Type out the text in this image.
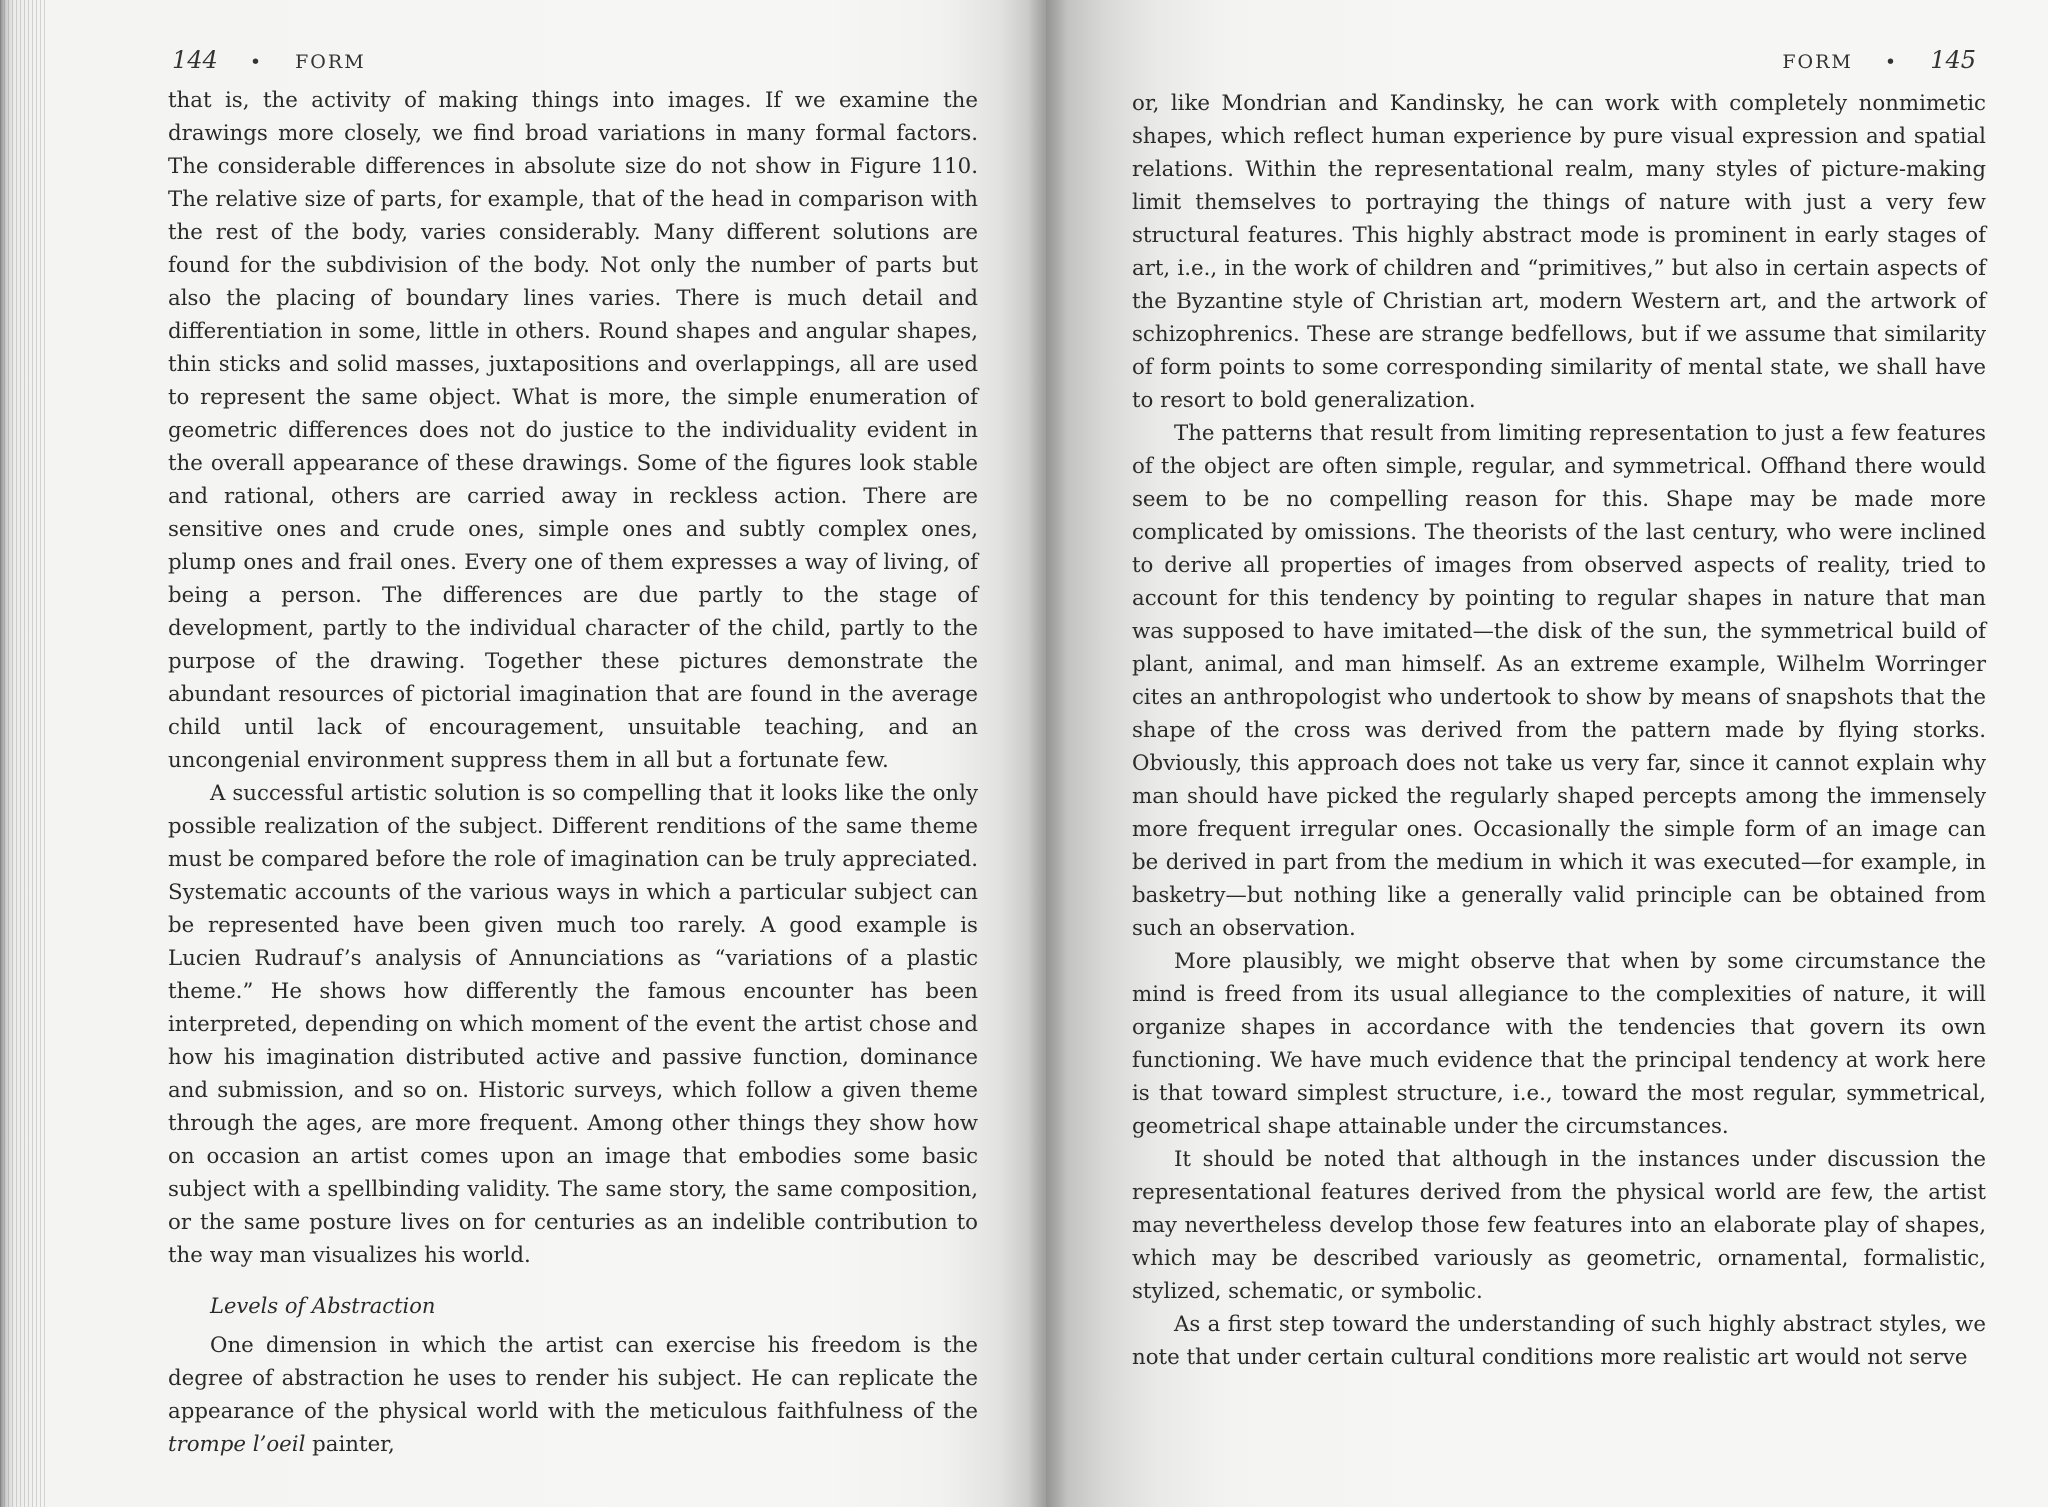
144 • FORM

that is, the activity of making things into images. If we examine the drawings more closely, we find broad variations in many formal factors. The considerable differences in absolute size do not show in Figure 110. The relative size of parts, for example, that of the head in comparison with the rest of the body, varies considerably. Many different solutions are found for the subdivision of the body. Not only the number of parts but also the placing of boundary lines varies. There is much detail and differentiation in some, little in others. Round shapes and angular shapes, thin sticks and solid masses, juxtapositions and overlappings, all are used to represent the same object. What is more, the simple enumeration of geometric differences does not do justice to the individuality evident in the overall appearance of these drawings. Some of the figures look stable and rational, others are carried away in reckless action. There are sensitive ones and crude ones, simple ones and subtly complex ones, plump ones and frail ones. Every one of them expresses a way of living, of being a person. The differences are due partly to the stage of development, partly to the individual character of the child, partly to the purpose of the drawing. Together these pictures demonstrate the abundant resources of pictorial imagination that are found in the average child until lack of encouragement, unsuitable teaching, and an uncongenial environment suppress them in all but a fortunate few.

A successful artistic solution is so compelling that it looks like the only possible realization of the subject. Different renditions of the same theme must be compared before the role of imagination can be truly appreciated. Systematic accounts of the various ways in which a particular subject can be represented have been given much too rarely. A good example is Lucien Rudrauf’s analysis of Annunciations as “variations of a plastic theme.” He shows how differently the famous encounter has been interpreted, depending on which moment of the event the artist chose and how his imagination distributed active and passive function, dominance and submission, and so on. Historic surveys, which follow a given theme through the ages, are more frequent. Among other things they show how on occasion an artist comes upon an image that embodies some basic subject with a spellbinding validity. The same story, the same composition, or the same posture lives on for centuries as an indelible contribution to the way man visualizes his world.

Levels of Abstraction

One dimension in which the artist can exercise his freedom is the degree of abstraction he uses to render his subject. He can replicate the appearance of the physical world with the meticulous faithfulness of the trompe l’oeil painter,

FORM • 145

or, like Mondrian and Kandinsky, he can work with completely nonmimetic shapes, which reflect human experience by pure visual expression and spatial relations. Within the representational realm, many styles of picture-making limit themselves to portraying the things of nature with just a very few structural features. This highly abstract mode is prominent in early stages of art, i.e., in the work of children and “primitives,” but also in certain aspects of the Byzantine style of Christian art, modern Western art, and the artwork of schizophrenics. These are strange bedfellows, but if we assume that similarity of form points to some corresponding similarity of mental state, we shall have to resort to bold generalization.

The patterns that result from limiting representation to just a few features of the object are often simple, regular, and symmetrical. Offhand there would seem to be no compelling reason for this. Shape may be made more complicated by omissions. The theorists of the last century, who were inclined to derive all properties of images from observed aspects of reality, tried to account for this tendency by pointing to regular shapes in nature that man was supposed to have imitated—the disk of the sun, the symmetrical build of plant, animal, and man himself. As an extreme example, Wilhelm Worringer cites an anthropologist who undertook to show by means of snapshots that the shape of the cross was derived from the pattern made by flying storks. Obviously, this approach does not take us very far, since it cannot explain why man should have picked the regularly shaped percepts among the immensely more frequent irregular ones. Occasionally the simple form of an image can be derived in part from the medium in which it was executed—for example, in basketry—but nothing like a generally valid principle can be obtained from such an observation.

More plausibly, we might observe that when by some circumstance the mind is freed from its usual allegiance to the complexities of nature, it will organize shapes in accordance with the tendencies that govern its own functioning. We have much evidence that the principal tendency at work here is that toward simplest structure, i.e., toward the most regular, symmetrical, geometrical shape attainable under the circumstances.

It should be noted that although in the instances under discussion the representational features derived from the physical world are few, the artist may nevertheless develop those few features into an elaborate play of shapes, which may be described variously as geometric, ornamental, formalistic, stylized, schematic, or symbolic.

As a first step toward the understanding of such highly abstract styles, we note that under certain cultural conditions more realistic art would not serve
